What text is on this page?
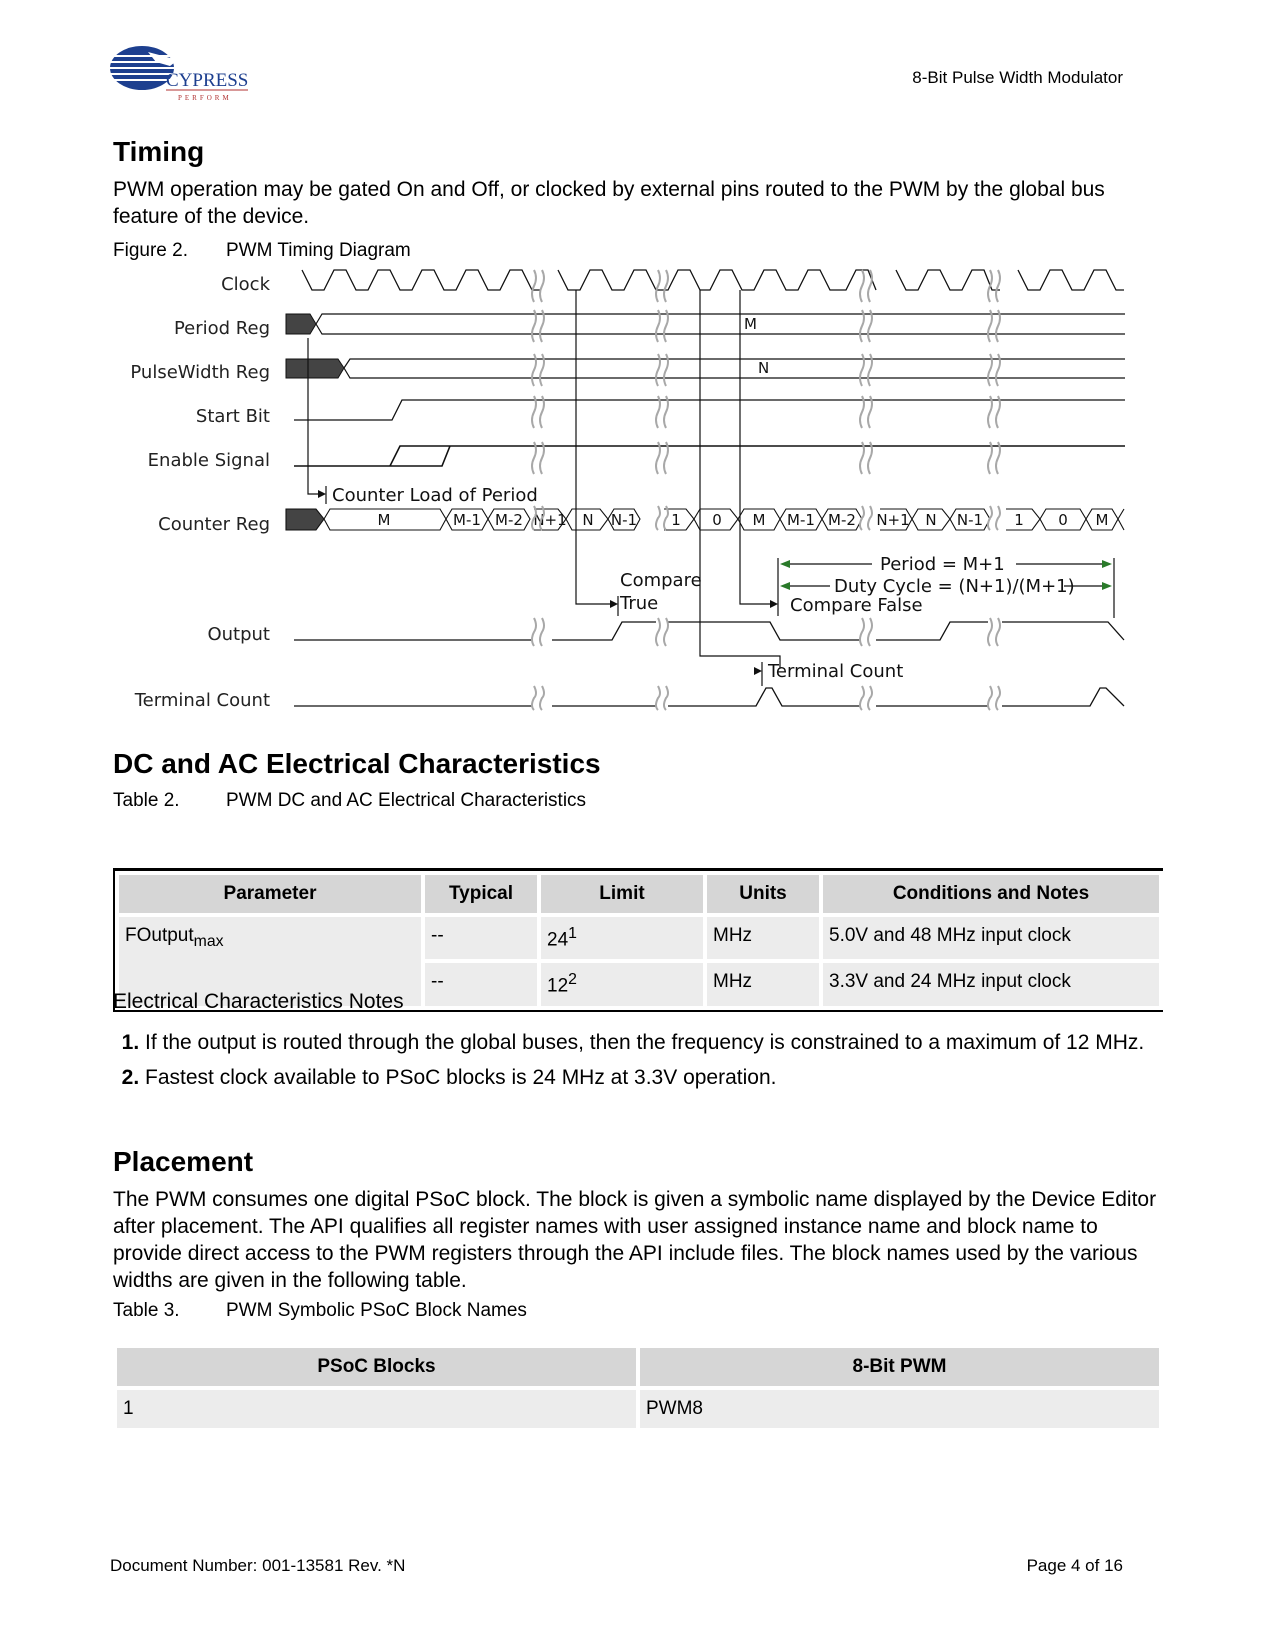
CYPRESS
PERFORM
8-Bit Pulse Width Modulator
Timing
PWM operation may be gated On and Off, or clocked by external pins routed to the PWM by the global bus feature of the device.
Figure 2. PWM Timing Diagram
Clock
Period Reg
PulseWidth Reg
Start Bit
Enable Signal
Counter Reg
Output
Terminal Count
M
N
M	M-1 M-2 N+1 N N-1 1 0 M M-1 M-2 N+1 N N-1 1 0 M
Counter Load of Period
Compare
True	Compare False
Terminal Count
Period = M+1
Duty Cycle = (N+1)/(M+1)
DC and AC Electrical Characteristics
Table 2. PWM DC and AC Electrical Characteristics
Parameter	Typical	Limit	Units	Conditions and Notes
FOutput$_{max}$	--	$24^1$	MHz	5.0V and 48 MHz input clock
	--	$12^2$	MHz	3.3V and 24 MHz input clock
Electrical Characteristics Notes
1. If the output is routed through the global buses, then the frequency is constrained to a maximum of 12 MHz.
2. Fastest clock available to PSoC blocks is 24 MHz at 3.3V operation.
Placement
The PWM consumes one digital PSoC block. The block is given a symbolic name displayed by the Device Editor after placement. The API qualifies all register names with user assigned instance name and block name to provide direct access to the PWM registers through the API include files. The block names used by the various widths are given in the following table.
Table 3. PWM Symbolic PSoC Block Names
PSoC Blocks	8-Bit PWM
1	PWM8
Document Number: 001-13581 Rev. *N	Page 4 of 16
